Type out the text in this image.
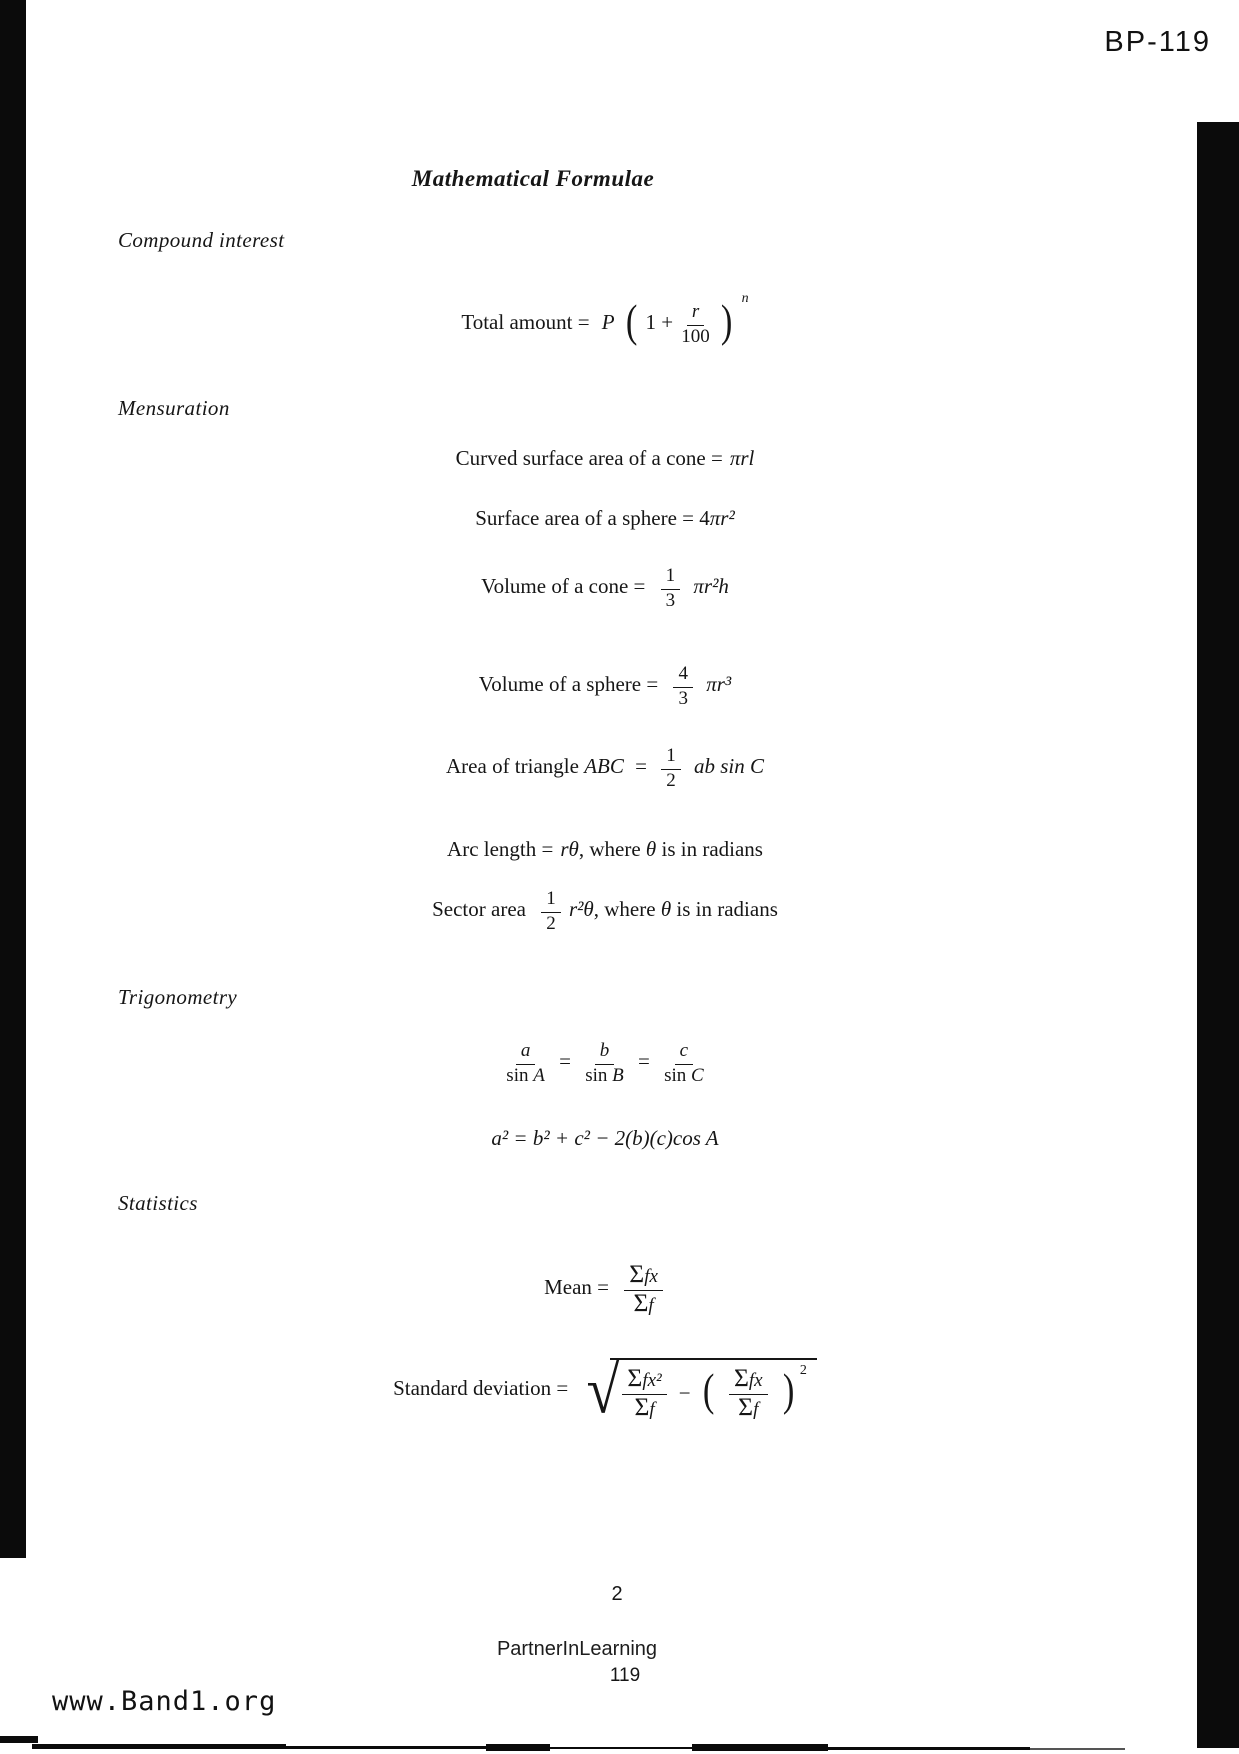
BP-119
Mathematical Formulae
Compound interest
Total amount = P ( $1 + \frac{r}{100}$ ) $^n$
Mensuration
Curved surface area of a cone = πrl
Surface area of a sphere = 4πr²
Volume of a cone = $\frac{1}{3} \pi r^2h$
Volume of a sphere = $\frac{4}{3} \pi r^3$
Area of triangle ABC = $\frac{1}{2}$ ab sin C
Arc length = rθ, where θ is in radians
Sector area $\frac{1}{2} r^2\theta$, where θ is in radians
Trigonometry
$\frac{a}{\text{sin A}} = \frac{b}{\text{sin B}} = \frac{c}{\text{sin C}}$
a² = b² + c² − 2(b)(c)cos A
Statistics
Mean = $\frac{\text{Σfx}}{\Sigma f}$
Standard deviation = √ $\frac{\text{Σfx²}}{\Sigma f}$ − ( $\frac{\text{Σfx}}{\Sigma f}$ ) 2
2
PartnerInLearning
119
www.Band1.org
